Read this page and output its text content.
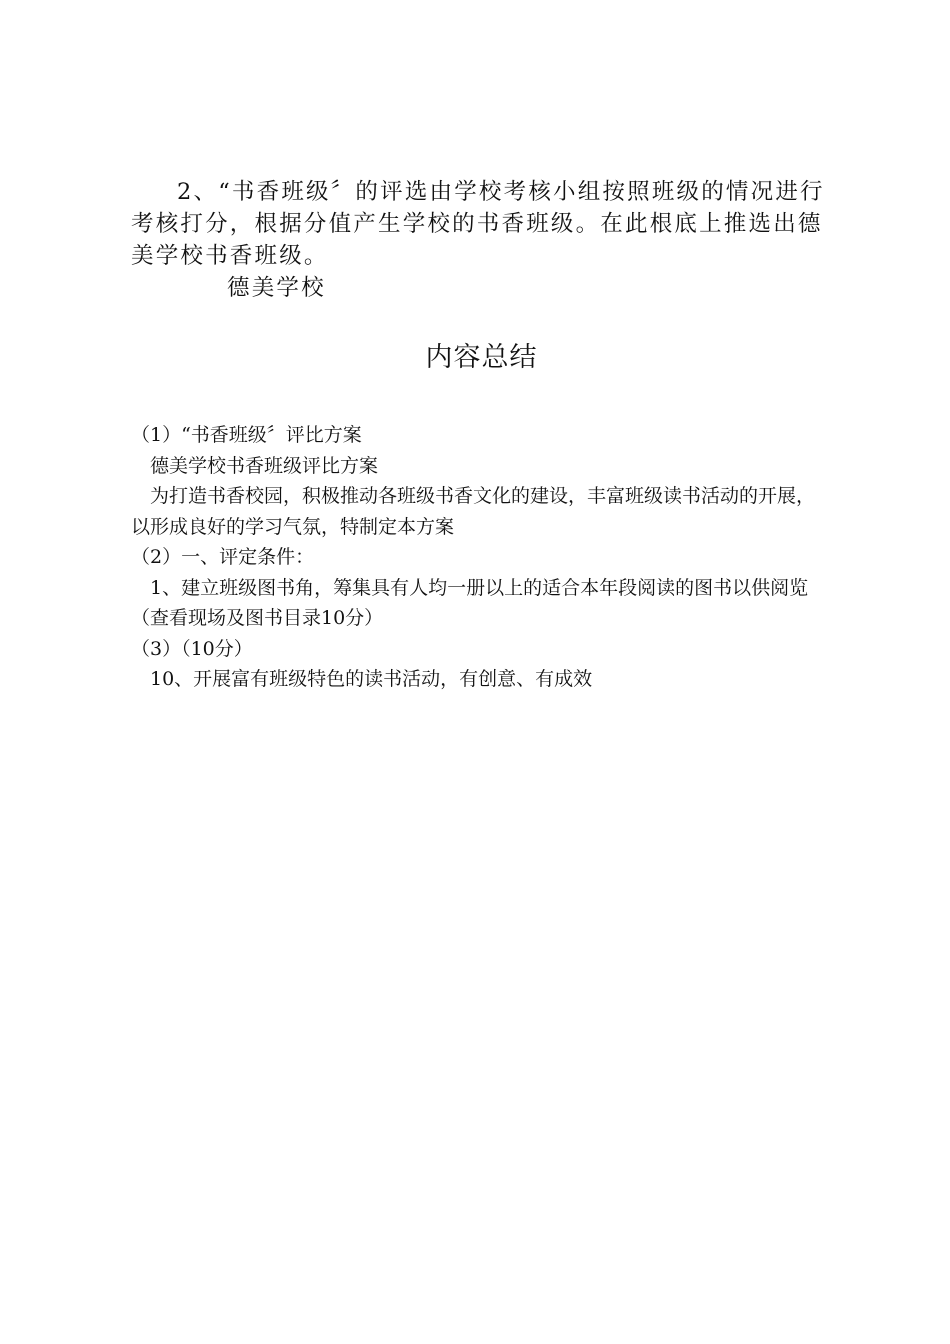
2、“书香班级〞的评选由学校考核小组按照班级的情况进行考核打分，根据分值产生学校的书香班级。在此根底上推选出德美学校书香班级。

德美学校

内容总结

（1）“书香班级〞评比方案

德美学校书香班级评比方案

为打造书香校园，积极推动各班级书香文化的建设，丰富班级读书活动的开展，以形成良好的学习气氛，特制定本方案

（2）一、评定条件：

1、建立班级图书角，筹集具有人均一册以上的适合本年段阅读的图书以供阅览（查看现场及图书目录10分）

（3）（10分）

10、开展富有班级特色的读书活动，有创意、有成效
